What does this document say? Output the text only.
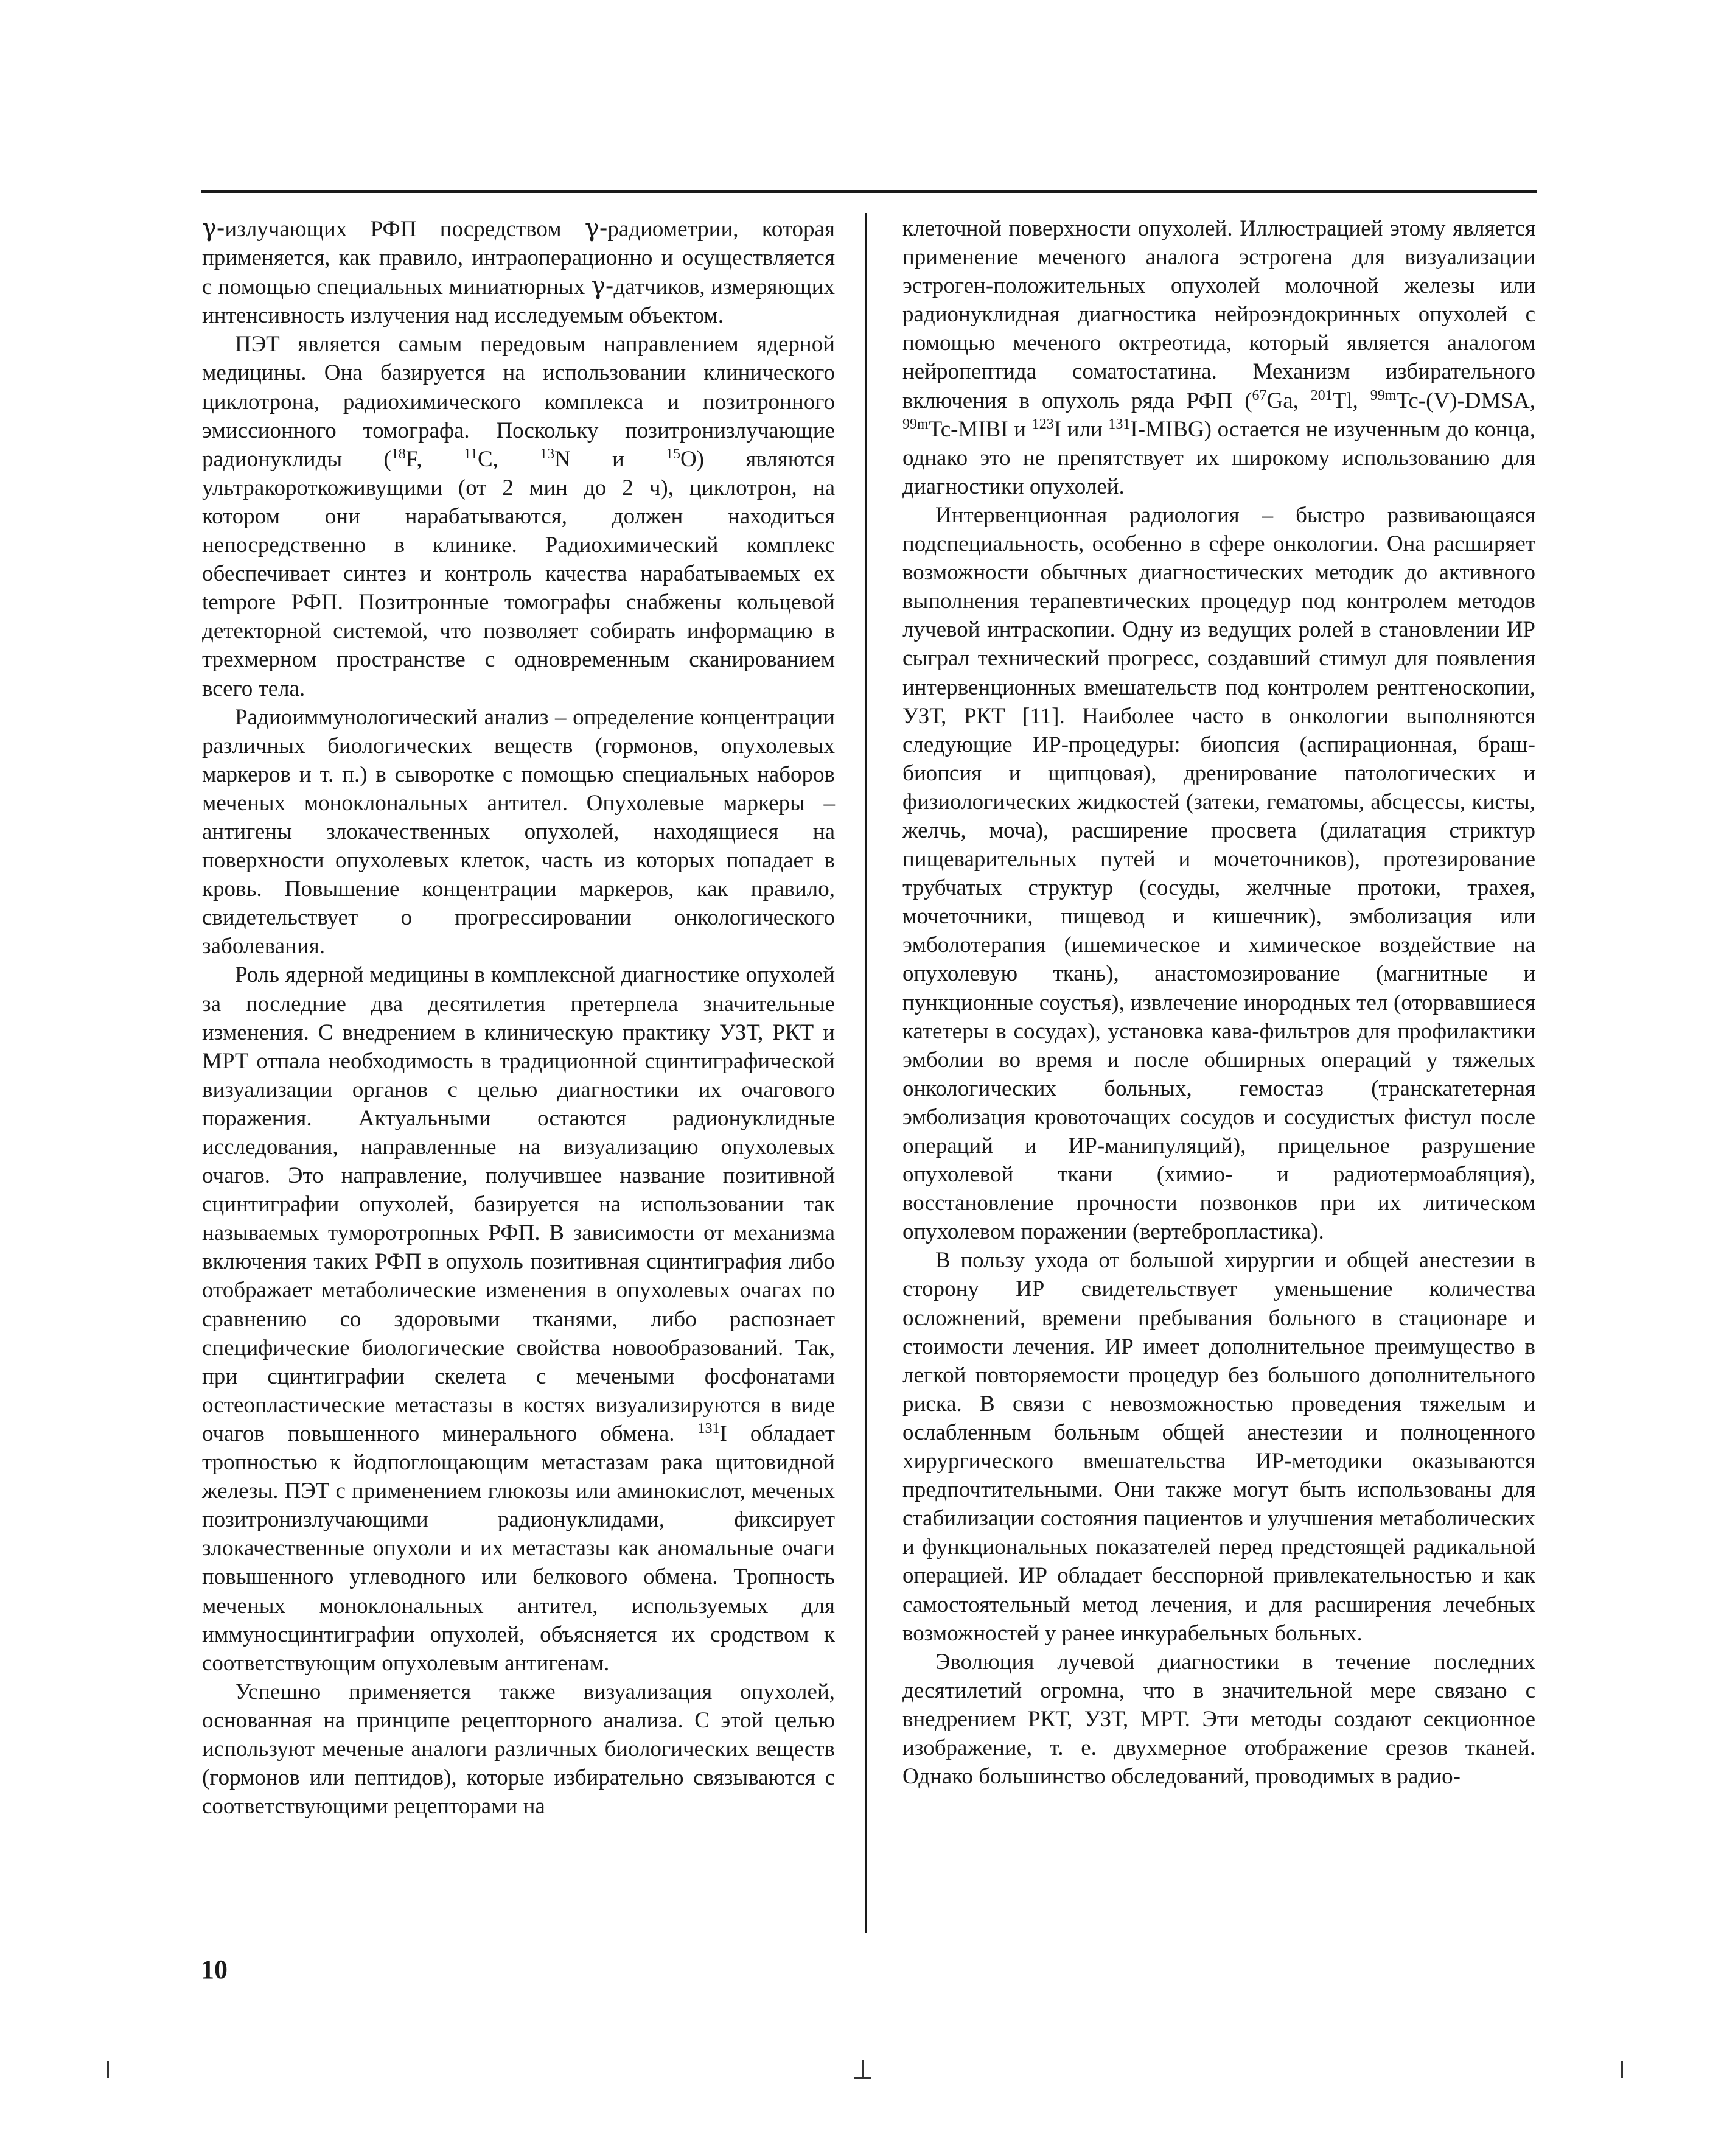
γ-излучающих РФП посредством γ-радиометрии, которая применяется, как правило, интраоперационно и осуществляется с помощью специальных миниатюрных γ-датчиков, измеряющих интенсивность излучения над исследуемым объектом.

ПЭТ является самым передовым направлением ядерной медицины. Она базируется на использовании клинического циклотрона, радиохимического комплекса и позитронного эмиссионного томографа. Поскольку позитронизлучающие радионуклиды ($^{18}$F, $^{11}$C, $^{13}$N и $^{15}$O) являются ультракороткоживущими (от 2 мин до 2 ч), циклотрон, на котором они нарабатываются, должен находиться непосредственно в клинике. Радиохимический комплекс обеспечивает синтез и контроль качества нарабатываемых ex tempore РФП. Позитронные томографы снабжены кольцевой детекторной системой, что позволяет собирать информацию в трехмерном пространстве с одновременным сканированием всего тела.

Радиоиммунологический анализ – определение концентрации различных биологических веществ (гормонов, опухолевых маркеров и т. п.) в сыворотке с помощью специальных наборов меченых моноклональных антител. Опухолевые маркеры – антигены злокачественных опухолей, находящиеся на поверхности опухолевых клеток, часть из которых попадает в кровь. Повышение концентрации маркеров, как правило, свидетельствует о прогрессировании онкологического заболевания.

Роль ядерной медицины в комплексной диагностике опухолей за последние два десятилетия претерпела значительные изменения. С внедрением в клиническую практику УЗТ, РКТ и МРТ отпала необходимость в традиционной сцинтиграфической визуализации органов с целью диагностики их очагового поражения. Актуальными остаются радионуклидные исследования, направленные на визуализацию опухолевых очагов. Это направление, получившее название позитивной сцинтиграфии опухолей, базируется на использовании так называемых туморотропных РФП. В зависимости от механизма включения таких РФП в опухоль позитивная сцинтиграфия либо отображает метаболические изменения в опухолевых очагах по сравнению со здоровыми тканями, либо распознает специфические биологические свойства новообразований. Так, при сцинтиграфии скелета с мечеными фосфонатами остеопластические метастазы в костях визуализируются в виде очагов повышенного минерального обмена. $^{131}$I обладает тропностью к йодпоглощающим метастазам рака щитовидной железы. ПЭТ с применением глюкозы или аминокислот, меченых позитронизлучающими радионуклидами, фиксирует злокачественные опухоли и их метастазы как аномальные очаги повышенного углеводного или белкового обмена. Тропность меченых моноклональных антител, используемых для иммуносцинтиграфии опухолей, объясняется их сродством к соответствующим опухолевым антигенам.

Успешно применяется также визуализация опухолей, основанная на принципе рецепторного анализа. С этой целью используют меченые аналоги различных биологических веществ (гормонов или пептидов), которые избирательно связываются с соответствующими рецепторами на

клеточной поверхности опухолей. Иллюстрацией этому является применение меченого аналога эстрогена для визуализации эстроген-положительных опухолей молочной железы или радионуклидная диагностика нейроэндокринных опухолей с помощью меченого октреотида, который является аналогом нейропептида соматостатина. Механизм избирательного включения в опухоль ряда РФП ($^{67}$Ga, $^{201}$Tl, $^{99m}$Tc-(V)-DMSA, $^{99m}$Tc-MIBI и $^{123}$I или $^{131}$I-MIBG) остается не изученным до конца, однако это не препятствует их широкому использованию для диагностики опухолей.

Интервенционная радиология – быстро развивающаяся подспециальность, особенно в сфере онкологии. Она расширяет возможности обычных диагностических методик до активного выполнения терапевтических процедур под контролем методов лучевой интраскопии. Одну из ведущих ролей в становлении ИР сыграл технический прогресс, создавший стимул для появления интервенционных вмешательств под контролем рентгеноскопии, УЗТ, РКТ [11]. Наиболее часто в онкологии выполняются следующие ИР-процедуры: биопсия (аспирационная, браш-биопсия и щипцовая), дренирование патологических и физиологических жидкостей (затеки, гематомы, абсцессы, кисты, желчь, моча), расширение просвета (дилатация стриктур пищеварительных путей и мочеточников), протезирование трубчатых структур (сосуды, желчные протоки, трахея, мочеточники, пищевод и кишечник), эмболизация или эмболотерапия (ишемическое и химическое воздействие на опухолевую ткань), анастомозирование (магнитные и пункционные соустья), извлечение инородных тел (оторвавшиеся катетеры в сосудах), установка кава-фильтров для профилактики эмболии во время и после обширных операций у тяжелых онкологических больных, гемостаз (транскатетерная эмболизация кровоточащих сосудов и сосудистых фистул после операций и ИР-манипуляций), прицельное разрушение опухолевой ткани (химио- и радиотермоабляция), восстановление прочности позвонков при их литическом опухолевом поражении (вертебропластика).

В пользу ухода от большой хирургии и общей анестезии в сторону ИР свидетельствует уменьшение количества осложнений, времени пребывания больного в стационаре и стоимости лечения. ИР имеет дополнительное преимущество в легкой повторяемости процедур без большого дополнительного риска. В связи с невозможностью проведения тяжелым и ослабленным больным общей анестезии и полноценного хирургического вмешательства ИР-методики оказываются предпочтительными. Они также могут быть использованы для стабилизации состояния пациентов и улучшения метаболических и функциональных показателей перед предстоящей радикальной операцией. ИР обладает бесспорной привлекательностью и как самостоятельный метод лечения, и для расширения лечебных возможностей у ранее инкурабельных больных.

Эволюция лучевой диагностики в течение последних десятилетий огромна, что в значительной мере связано с внедрением РКТ, УЗТ, МРТ. Эти методы создают секционное изображение, т. е. двухмерное отображение срезов тканей. Однако большинство обследований, проводимых в радио-

10
